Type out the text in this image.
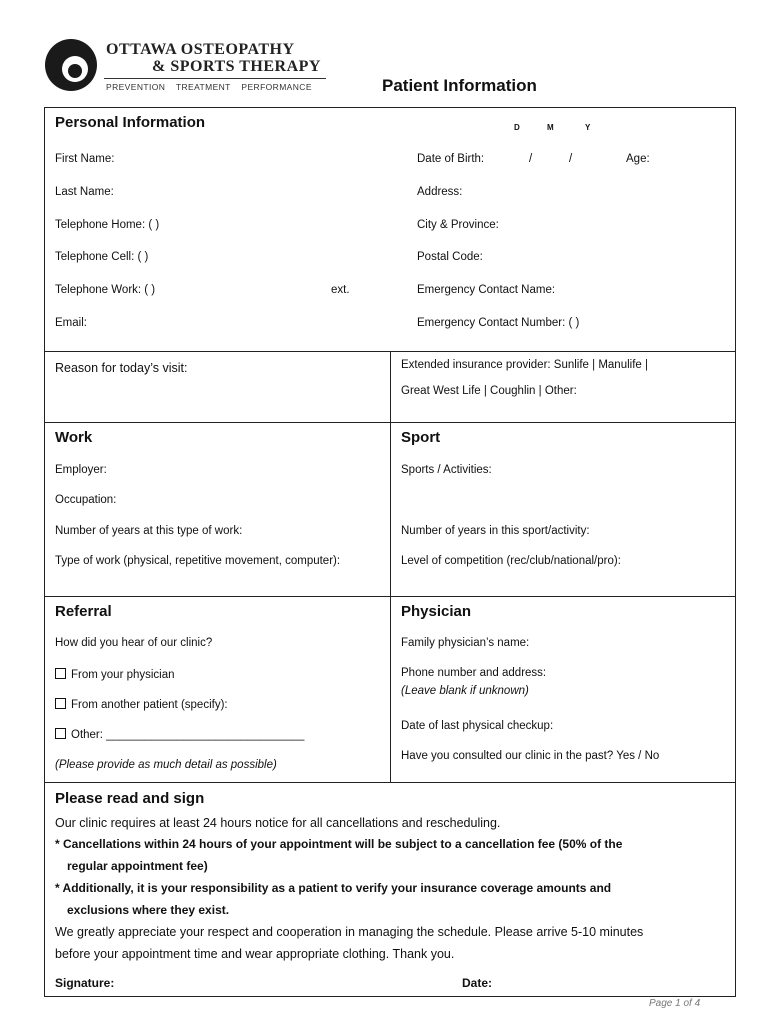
OTTAWA OSTEOPATHY
& SPORTS THERAPY
PREVENTION TREATMENT PERFORMANCE	Patient Information
Personal Information	D	M	Y
First Name:
Last Name:
Telephone Home: ( )
Telephone Cell: ( )
Telephone Work: ( )	ext.
Email:
Date of Birth:	/	/	Age:
Address:
City & Province:
Postal Code:
Emergency Contact Name:
Emergency Contact Number: ( )
Reason for today’s visit:	Extended insurance provider: Sunlife | Manulife |
Great West Life | Coughlin | Other:
Work
Employer:
Occupation:
Number of years at this type of work:
Type of work (physical, repetitive movement, computer):
Sport
Sports / Activities:
Number of years in this sport/activity:
Level of competition (rec/club/national/pro):
Referral
How did you hear of our clinic?
From your physician
From another patient (specify):
Other: _______________________________
(Please provide as much detail as possible)
Physician
Family physician’s name:
Phone number and address:
(Leave blank if unknown)
Date of last physical checkup:
Have you consulted our clinic in the past? Yes / No
Please read and sign
Our clinic requires at least 24 hours notice for all cancellations and rescheduling.
* Cancellations within 24 hours of your appointment will be subject to a cancellation fee (50% of the
regular appointment fee)
* Additionally, it is your responsibility as a patient to verify your insurance coverage amounts and
exclusions where they exist.
We greatly appreciate your respect and cooperation in managing the schedule. Please arrive 5-10 minutes
before your appointment time and wear appropriate clothing. Thank you.
Signature:	Date:
Page 1 of 4
